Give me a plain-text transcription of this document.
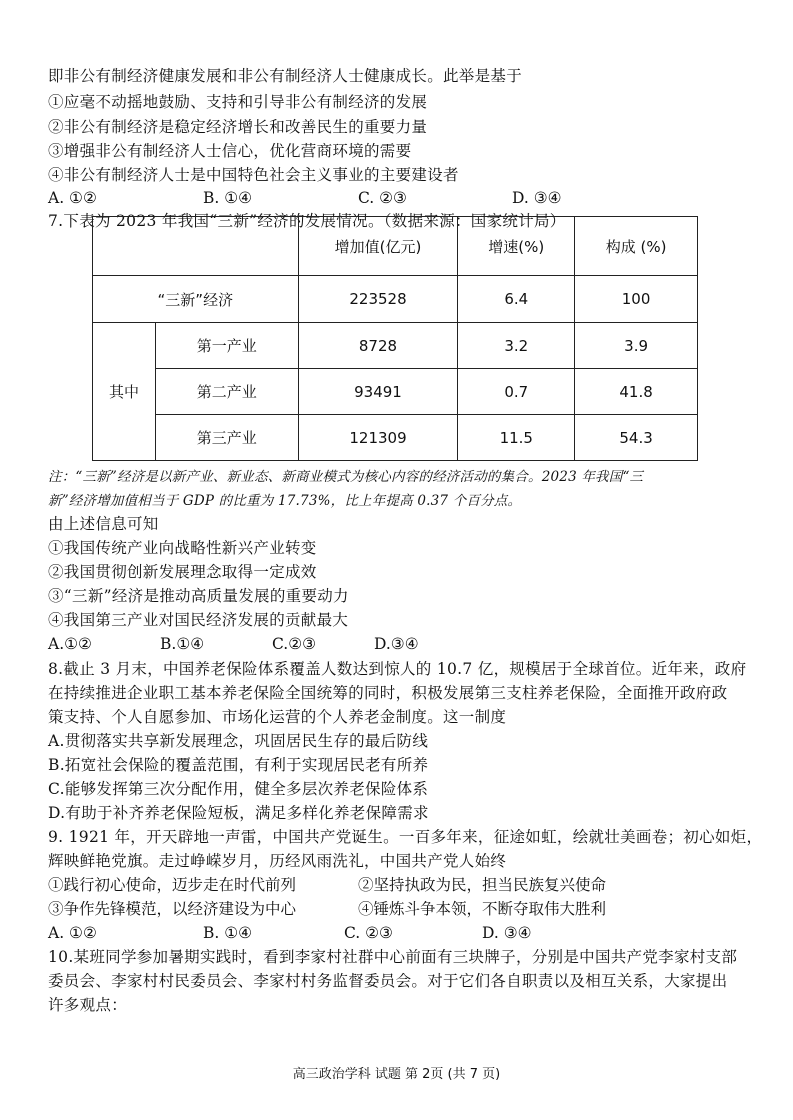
即非公有制经济健康发展和非公有制经济人士健康成长。此举是基于
①应毫不动摇地鼓励、支持和引导非公有制经济的发展
②非公有制经济是稳定经济增长和改善民生的重要力量
③增强非公有制经济人士信心，优化营商环境的需要
④非公有制经济人士是中国特色社会主义事业的主要建设者
A. ①②	B. ①④	C. ②③	D. ③④
7.下表为 2023 年我国“三新”经济的发展情况。（数据来源：国家统计局）
		增加值(亿元)	增速(%)	构成 (%)
“三新”经济		223528	6.4	100
其中	第一产业	8728	3.2	3.9
	第二产业	93491	0.7	41.8
	第三产业	121309	11.5	54.3
注：“三新”经济是以新产业、新业态、新商业模式为核心内容的经济活动的集合。2023 年我国“三
新”经济增加值相当于 GDP 的比重为 17.73%，比上年提高 0.37 个百分点。
由上述信息可知
①我国传统产业向战略性新兴产业转变
②我国贯彻创新发展理念取得一定成效
③“三新”经济是推动高质量发展的重要动力
④我国第三产业对国民经济发展的贡献最大
A.①②	B.①④	C.②③	D.③④
8.截止 3 月末，中国养老保险体系覆盖人数达到惊人的 10.7 亿，规模居于全球首位。近年来，政府
在持续推进企业职工基本养老保险全国统筹的同时，积极发展第三支柱养老保险，全面推开政府政
策支持、个人自愿参加、市场化运营的个人养老金制度。这一制度
A.贯彻落实共享新发展理念，巩固居民生存的最后防线
B.拓宽社会保险的覆盖范围，有利于实现居民老有所养
C.能够发挥第三次分配作用，健全多层次养老保险体系
D.有助于补齐养老保险短板，满足多样化养老保障需求
9. 1921 年，开天辟地一声雷，中国共产党诞生。一百多年来，征途如虹，绘就壮美画卷；初心如炬，
辉映鲜艳党旗。走过峥嵘岁月，历经风雨洗礼，中国共产党人始终
①践行初心使命，迈步走在时代前列	②坚持执政为民，担当民族复兴使命
③争作先锋模范，以经济建设为中心	④锤炼斗争本领，不断夺取伟大胜利
A. ①②	B. ①④	C. ②③	D. ③④
10.某班同学参加暑期实践时，看到李家村社群中心前面有三块牌子，分别是中国共产党李家村支部
委员会、李家村村民委员会、李家村村务监督委员会。对于它们各自职责以及相互关系，大家提出
许多观点：
高三政治学科 试题 第 2页 (共 7 页)
